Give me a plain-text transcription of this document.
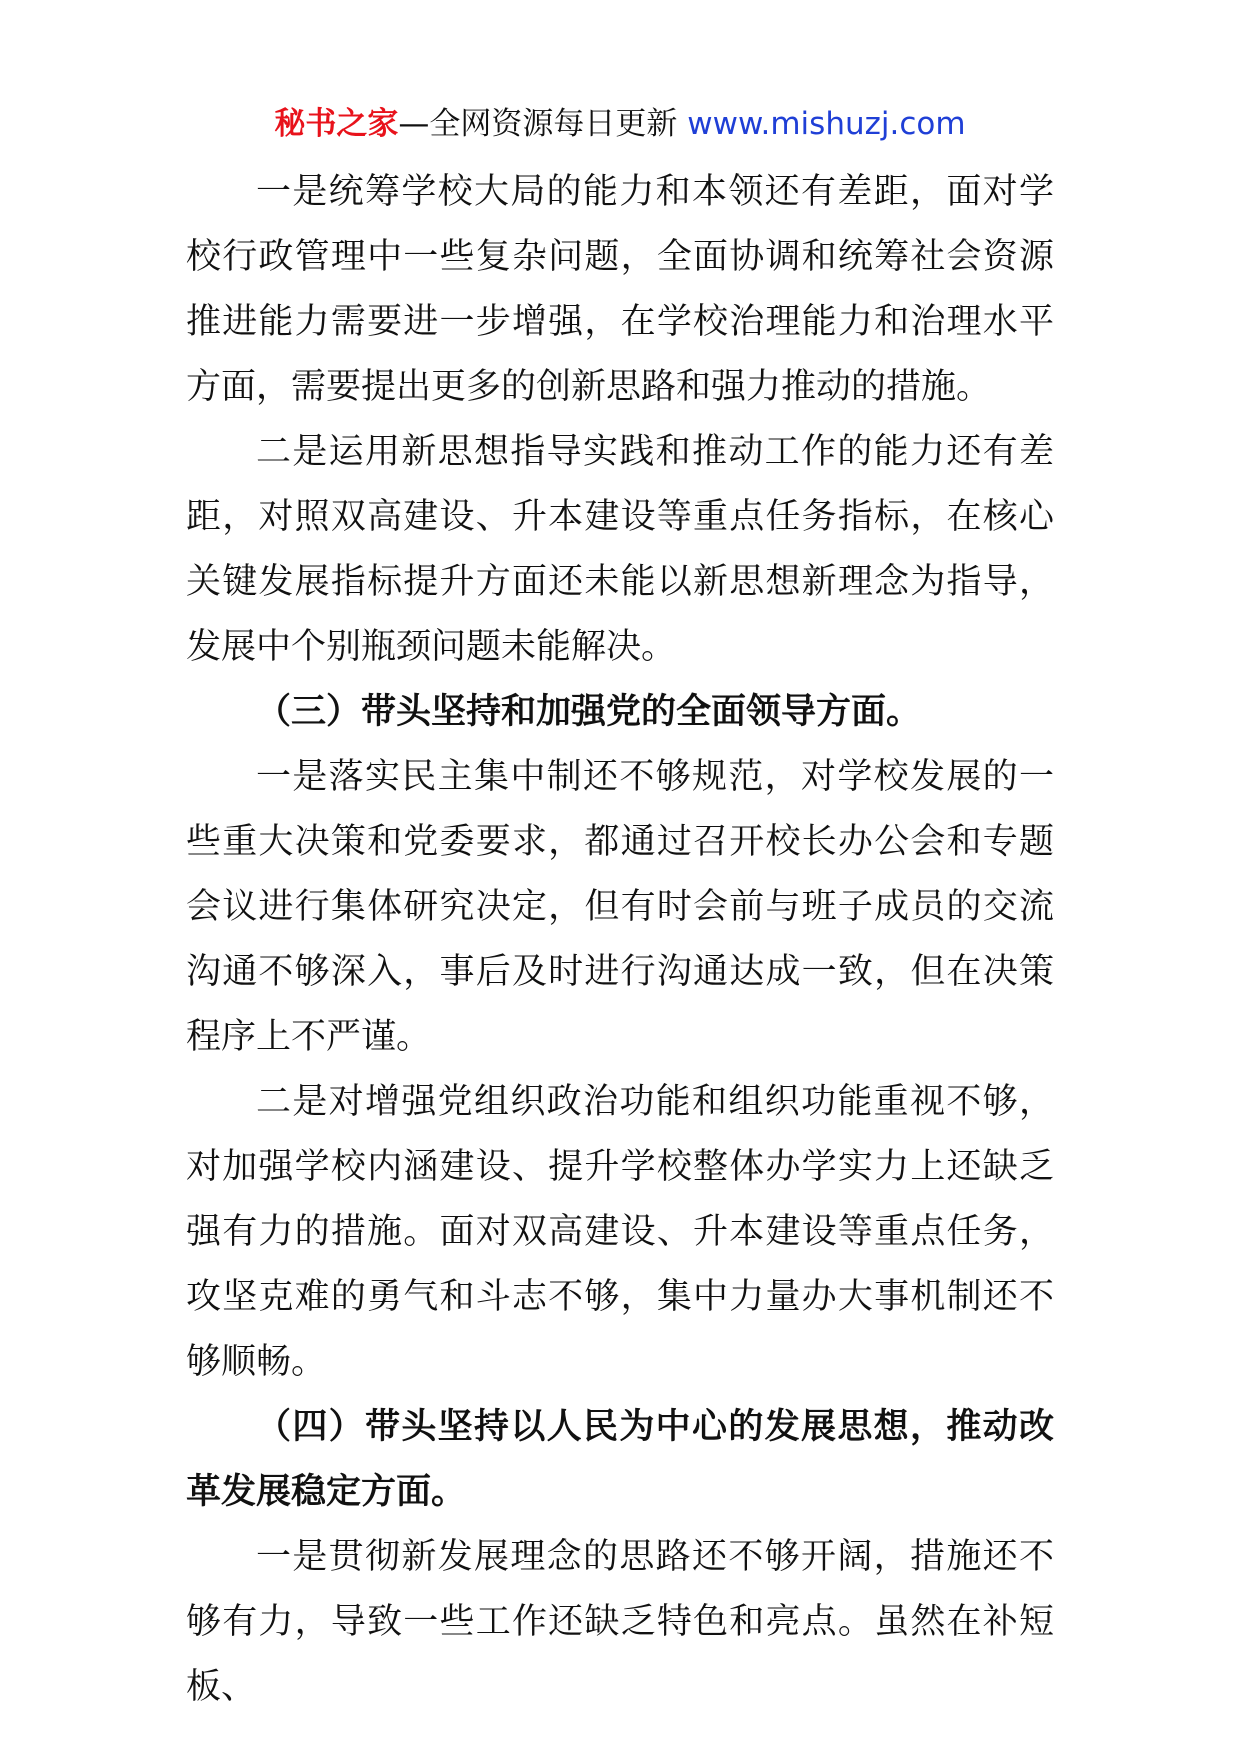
秘书之家—全网资源每日更新 www.mishuzj.com

一是统筹学校大局的能力和本领还有差距，面对学校行政管理中一些复杂问题，全面协调和统筹社会资源推进能力需要进一步增强，在学校治理能力和治理水平方面，需要提出更多的创新思路和强力推动的措施。

二是运用新思想指导实践和推动工作的能力还有差距，对照双高建设、升本建设等重点任务指标，在核心关键发展指标提升方面还未能以新思想新理念为指导，发展中个别瓶颈问题未能解决。

（三）带头坚持和加强党的全面领导方面。

一是落实民主集中制还不够规范，对学校发展的一些重大决策和党委要求，都通过召开校长办公会和专题会议进行集体研究决定，但有时会前与班子成员的交流沟通不够深入，事后及时进行沟通达成一致，但在决策程序上不严谨。

二是对增强党组织政治功能和组织功能重视不够，对加强学校内涵建设、提升学校整体办学实力上还缺乏强有力的措施。面对双高建设、升本建设等重点任务，攻坚克难的勇气和斗志不够，集中力量办大事机制还不够顺畅。

（四）带头坚持以人民为中心的发展思想，推动改革发展稳定方面。

一是贯彻新发展理念的思路还不够开阔，措施还不够有力，导致一些工作还缺乏特色和亮点。虽然在补短板、
